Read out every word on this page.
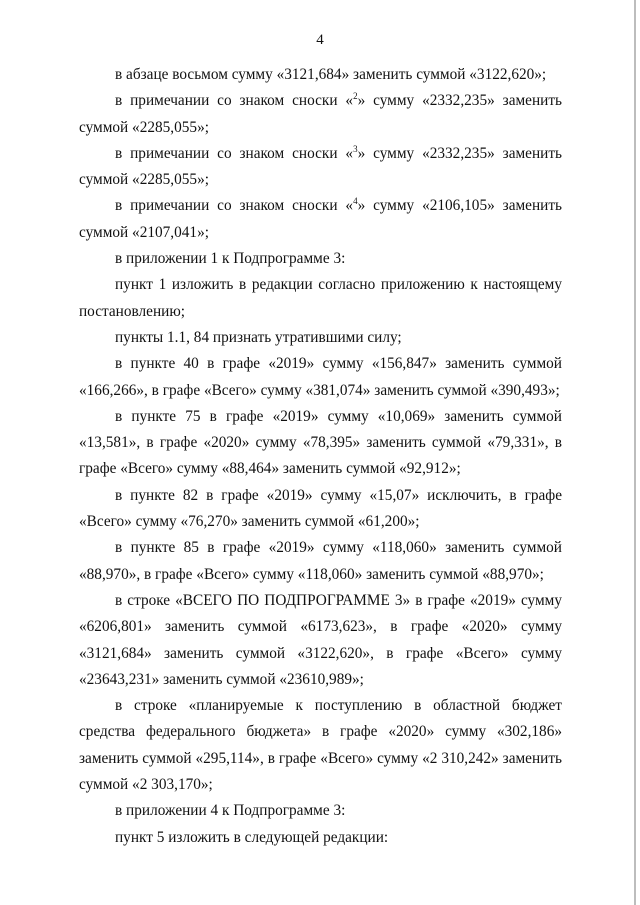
4

в абзаце восьмом сумму «3121,684» заменить суммой «3122,620»;

в примечании со знаком сноски «$^2$» сумму «2332,235» заменить суммой «2285,055»;

в примечании со знаком сноски «$^3$» сумму «2332,235» заменить суммой «2285,055»;

в примечании со знаком сноски «$^4$» сумму «2106,105» заменить суммой «2107,041»;

в приложении 1 к Подпрограмме 3:

пункт 1 изложить в редакции согласно приложению к настоящему постановлению;

пункты 1.1, 84 признать утратившими силу;

в пункте 40 в графе «2019» сумму «156,847» заменить суммой «166,266», в графе «Всего» сумму «381,074» заменить суммой «390,493»;

в пункте 75 в графе «2019» сумму «10,069» заменить суммой «13,581», в графе «2020» сумму «78,395» заменить суммой «79,331», в графе «Всего» сумму «88,464» заменить суммой «92,912»;

в пункте 82 в графе «2019» сумму «15,07» исключить, в графе «Всего» сумму «76,270» заменить суммой «61,200»;

в пункте 85 в графе «2019» сумму «118,060» заменить суммой «88,970», в графе «Всего» сумму «118,060» заменить суммой «88,970»;

в строке «ВСЕГО ПО ПОДПРОГРАММЕ 3» в графе «2019» сумму «6206,801» заменить суммой «6173,623», в графе «2020» сумму «3121,684» заменить суммой «3122,620», в графе «Всего» сумму «23643,231» заменить суммой «23610,989»;

в строке «планируемые к поступлению в областной бюджет средства федерального бюджета» в графе «2020» сумму «302,186» заменить суммой «295,114», в графе «Всего» сумму «2 310,242» заменить суммой «2 303,170»;

в приложении 4 к Подпрограмме 3:

пункт 5 изложить в следующей редакции:
